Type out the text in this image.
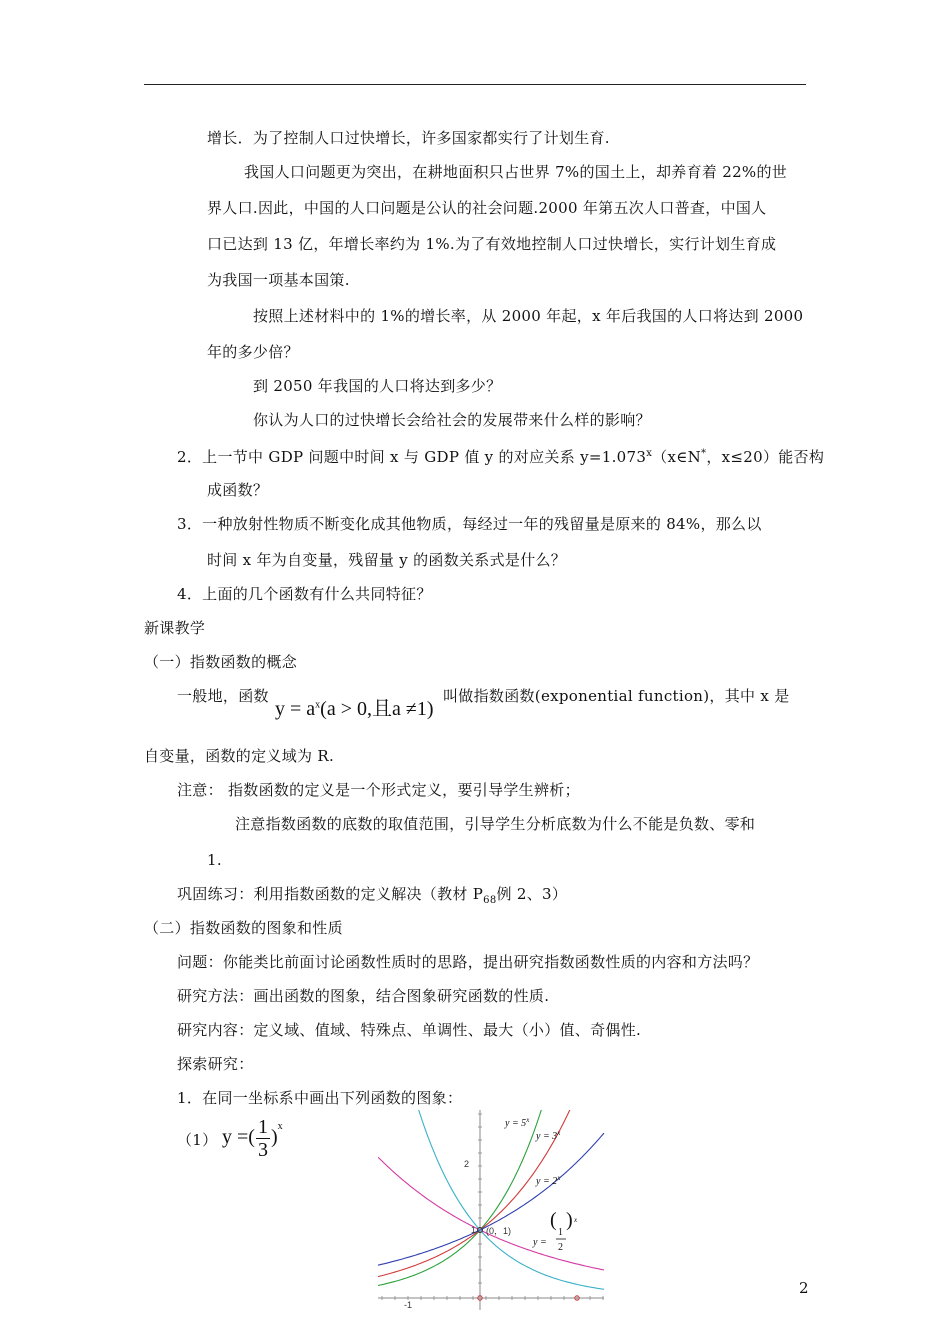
增长．为了控制人口过快增长，许多国家都实行了计划生育.
我国人口问题更为突出，在耕地面积只占世界 7%的国土上，却养育着 22%的世
界人口.因此，中国的人口问题是公认的社会问题.2000 年第五次人口普查，中国人
口已达到 13 亿，年增长率约为 1%.为了有效地控制人口过快增长，实行计划生育成
为我国一项基本国策.
按照上述材料中的 1%的增长率，从 2000 年起，x 年后我国的人口将达到 2000
年的多少倍？
到 2050 年我国的人口将达到多少？
你认为人口的过快增长会给社会的发展带来什么样的影响？
2．上一节中 GDP 问题中时间 x 与 GDP 值 y 的对应关系 $y=1.073^x(x\in N^*$，x≤20）能否构
成函数？
3．一种放射性物质不断变化成其他物质，每经过一年的残留量是原来的 84%，那么以
时间 x 年为自变量，残留量 y 的函数关系式是什么？
4．上面的几个函数有什么共同特征？
新课教学
（一）指数函数的概念
一般地，函数
$y = a^x(a > 0$,且a ≠1)
叫做指数函数(exponential function)，其中 x 是
自变量，函数的定义域为 R.
注意： 指数函数的定义是一个形式定义，要引导学生辨析；
注意指数函数的底数的取值范围，引导学生分析底数为什么不能是负数、零和
1.
巩固练习：利用指数函数的定义解决（教材 $P_{68}$例 2、3）
（二）指数函数的图象和性质
问题：你能类比前面讨论函数性质时的思路，提出研究指数函数性质的内容和方法吗？
研究方法：画出函数的图象，结合图象研究函数的性质.
研究内容：定义域、值域、特殊点、单调性、最大（小）值、奇偶性.
探索研究：
1．在同一坐标系中画出下列函数的图象：
（1） y =( $\frac{1}{3} )^x$	$y = 5^x$
$y = 3^x$
$y = 2^x$
y =
1
2
( ) x
(0，1)
2
1
-1
2
